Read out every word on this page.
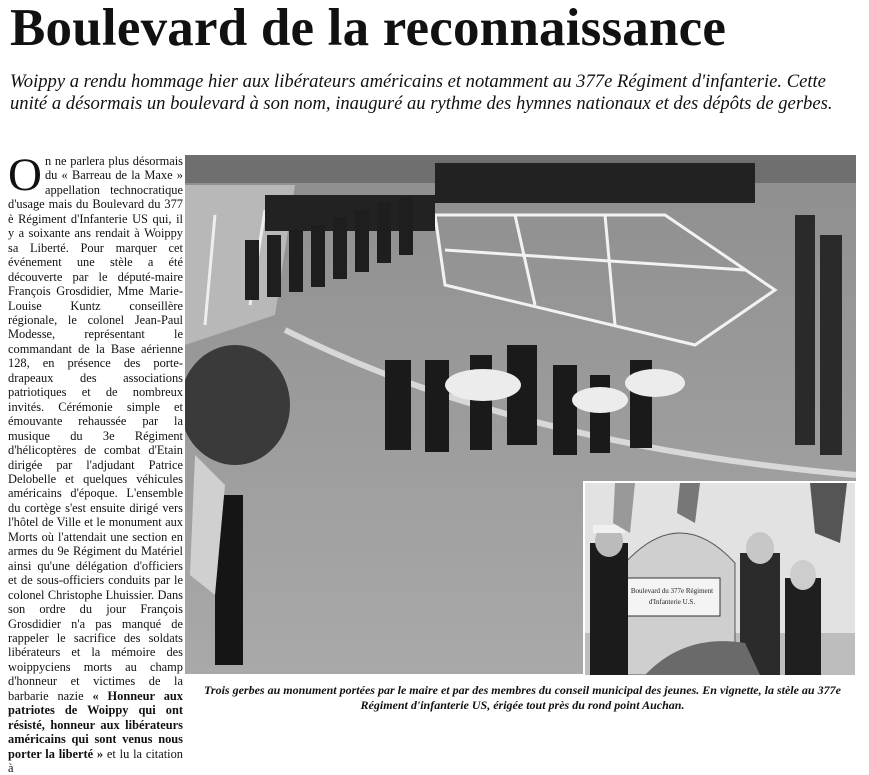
Boulevard de la reconnaissance
Woippy a rendu hommage hier aux libérateurs américains et notamment au 377e Régiment d'infanterie. Cette unité a désormais un boulevard à son nom, inauguré au rythme des hymnes nationaux et des dépôts de gerbes.

On ne parlera plus désormais du « Barreau de la Maxe » appellation technocratique d'usage mais du Boulevard du 377 è Régiment d'Infanterie US qui, il y a soixante ans rendait à Woippy sa Liberté. Pour marquer cet événement une stèle a été découverte par le député-maire François Grosdidier, Mme Marie-Louise Kuntz conseillère régionale, le colonel Jean-Paul Modesse, représentant le commandant de la Base aérienne 128, en présence des porte-drapeaux des associations patriotiques et de nombreux invités. Cérémonie simple et émouvante rehaussée par la musique du 3e Régiment d'hélicoptères de combat d'Etain dirigée par l'adjudant Patrice Delobelle et quelques véhicules américains d'époque. L'ensemble du cortège s'est ensuite dirigé vers l'hôtel de Ville et le monument aux Morts où l'attendait une section en armes du 9e Régiment du Matériel ainsi qu'une délégation d'officiers et de sous-officiers conduits par le colonel Christophe Lhuissier. Dans son ordre du jour François Grosdidier n'a pas manqué de rappeler le sacrifice des soldats libérateurs et la mémoire des woippyciens morts au champ d'honneur et victimes de la barbarie nazie « Honneur aux patriotes de Woippy qui ont résisté, honneur aux libérateurs américains qui sont venus nous porter la liberté » et lu la citation à

Boulevard du 377e Régiment
d'Infanterie U.S.
Trois gerbes au monument portées par le maire et par des membres du conseil municipal des jeunes. En vignette, la stèle au 377e Régiment d'infanterie US, érigée tout près du rond point Auchan.
